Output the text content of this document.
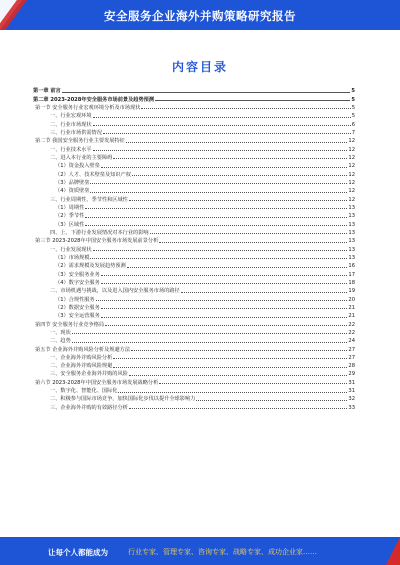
安全服务企业海外并购策略研究报告
内容目录
第一章 前言	5
第二章 2023-2028年安全服务市场前景及趋势预测	5
第一节 安全服务行业宏观环境分析及市场现状	5
一、行业宏观环境	5
二、行业市场现状	6
三、行业市场供需情况	7
第二节 我国安全服务行业主要发展特征	12
一、行业技术水平	12
二、进入本行业的主要障碍	12
（1）资金投入壁垒	12
（2）人才、技术壁垒及知识产权	12
（3）品牌壁垒	12
（4）资质壁垒	12
三、行业周期性、季节性和区域性	12
（1）周期性	13
（2）季节性	13
（3）区域性	13
四、上、下游行业发展情况对本行业的影响	13
第三节 2023-2028年中国安全服务市场发展前景分析	13
一、行业发展现状	13
（1）市场规模	13
（2）需求规模及发展趋势预测	16
（3）安全服务业务	17
（4）数字安全服务	18
二、市场机遇与挑战，以及进入国内安全服务市场的路径	19
（1）合规性服务	20
（2）数据安全服务	21
（3）安全运营服务	21
第四节 安全服务行业竞争格局	22
一、现状	22
二、趋势	24
第五节 企业海外并购风险分析及规避方法	27
一、企业海外并购风险分析	27
二、企业海外并购风险规避	28
三、安全服务企业海外并购的风险	29
第六节 2023-2028年中国安全服务市场发展战略分析	31
一、数字化、智能化、国际化	31
二、积极参与国际市场竞争，加快国际化步伐以提升全球影响力	32
三、企业海外并购的有效路径分析	33
让每个人都能成为	行业专家、管理专家、咨询专家、战略专家、成功企业家……
